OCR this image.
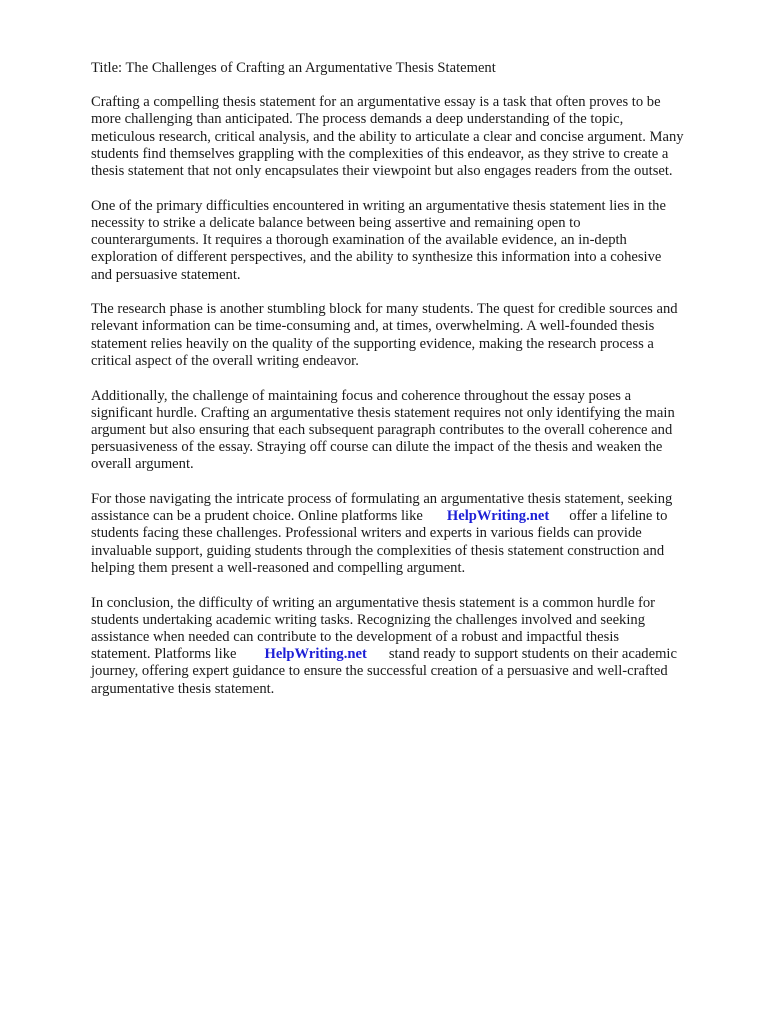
Title: The Challenges of Crafting an Argumentative Thesis Statement
Crafting a compelling thesis statement for an argumentative essay is a task that often proves to be
more challenging than anticipated. The process demands a deep understanding of the topic,
meticulous research, critical analysis, and the ability to articulate a clear and concise argument. Many
students find themselves grappling with the complexities of this endeavor, as they strive to create a
thesis statement that not only encapsulates their viewpoint but also engages readers from the outset.
One of the primary difficulties encountered in writing an argumentative thesis statement lies in the
necessity to strike a delicate balance between being assertive and remaining open to
counterarguments. It requires a thorough examination of the available evidence, an in-depth
exploration of different perspectives, and the ability to synthesize this information into a cohesive
and persuasive statement.
The research phase is another stumbling block for many students. The quest for credible sources and
relevant information can be time-consuming and, at times, overwhelming. A well-founded thesis
statement relies heavily on the quality of the supporting evidence, making the research process a
critical aspect of the overall writing endeavor.
Additionally, the challenge of maintaining focus and coherence throughout the essay poses a
significant hurdle. Crafting an argumentative thesis statement requires not only identifying the main
argument but also ensuring that each subsequent paragraph contributes to the overall coherence and
persuasiveness of the essay. Straying off course can dilute the impact of the thesis and weaken the
overall argument.
For those navigating the intricate process of formulating an argumentative thesis statement, seeking
assistance can be a prudent choice. Online platforms like HelpWriting.net offer a lifeline to
students facing these challenges. Professional writers and experts in various fields can provide
invaluable support, guiding students through the complexities of thesis statement construction and
helping them present a well-reasoned and compelling argument.
In conclusion, the difficulty of writing an argumentative thesis statement is a common hurdle for
students undertaking academic writing tasks. Recognizing the challenges involved and seeking
assistance when needed can contribute to the development of a robust and impactful thesis
statement. Platforms like HelpWriting.net stand ready to support students on their academic
journey, offering expert guidance to ensure the successful creation of a persuasive and well-crafted
argumentative thesis statement.
